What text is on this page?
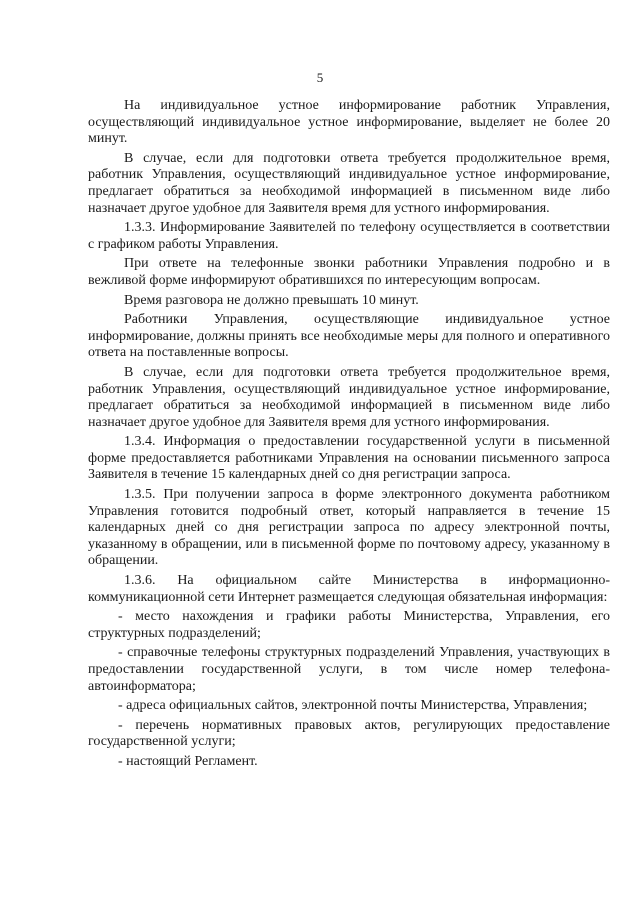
5

На индивидуальное устное информирование работник Управления, осуществляющий индивидуальное устное информирование, выделяет не более 20 минут.

В случае, если для подготовки ответа требуется продолжительное время, работник Управления, осуществляющий индивидуальное устное информирование, предлагает обратиться за необходимой информацией в письменном виде либо назначает другое удобное для Заявителя время для устного информирования.

1.3.3. Информирование Заявителей по телефону осуществляется в соответствии с графиком работы Управления.

При ответе на телефонные звонки работники Управления подробно и в вежливой форме информируют обратившихся по интересующим вопросам.

Время разговора не должно превышать 10 минут.

Работники Управления, осуществляющие индивидуальное устное информирование, должны принять все необходимые меры для полного и оперативного ответа на поставленные вопросы.

В случае, если для подготовки ответа требуется продолжительное время, работник Управления, осуществляющий индивидуальное устное информирование, предлагает обратиться за необходимой информацией в письменном виде либо назначает другое удобное для Заявителя время для устного информирования.

1.3.4. Информация о предоставлении государственной услуги в письменной форме предоставляется работниками Управления на основании письменного запроса Заявителя в течение 15 календарных дней со дня регистрации запроса.

1.3.5. При получении запроса в форме электронного документа работником Управления готовится подробный ответ, который направляется в течение 15 календарных дней со дня регистрации запроса по адресу электронной почты, указанному в обращении, или в письменной форме по почтовому адресу, указанному в обращении.

1.3.6. На официальном сайте Министерства в информационно-коммуникационной сети Интернет размещается следующая обязательная информация:

- место нахождения и графики работы Министерства, Управления, его структурных подразделений;

- справочные телефоны структурных подразделений Управления, участвующих в предоставлении государственной услуги, в том числе номер телефона-автоинформатора;

- адреса официальных сайтов, электронной почты Министерства, Управления;

- перечень нормативных правовых актов, регулирующих предоставление государственной услуги;

- настоящий Регламент.
